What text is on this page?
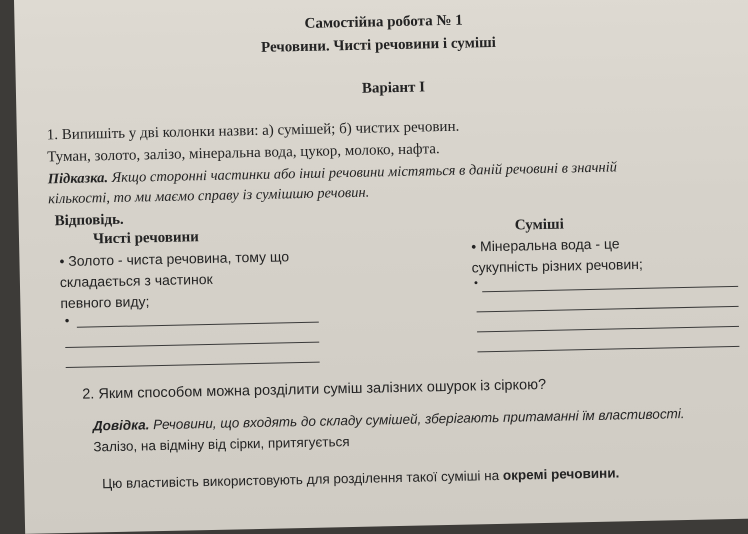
Самостійна робота № 1
Речовини. Чисті речовини і суміші
Варіант І
1. Випишіть у дві колонки назви: а) сумішей; б) чистих речовин.
Туман, золото, залізо, мінеральна вода, цукор, молоко, нафта.
Підказка. Якщо сторонні частинки або інші речовини містяться в даній речовині в значній
кількості, то ми маємо справу із сумішшю речовин.
Відповідь.
Чисті речовини
• Золото - чиста речовина, тому що
складається з частинок
певного виду;
•
Суміші
• Мінеральна вода - це
сукупність різних речовин;
•
2. Яким способом можна розділити суміш залізних ошурок із сіркою?
Довідка. Речовини, що входять до складу сумішей, зберігають притаманні їм властивості.
Залізо, на відміну від сірки, притягується
Цю властивість використовують для розділення такої суміші на окремі речовини.
